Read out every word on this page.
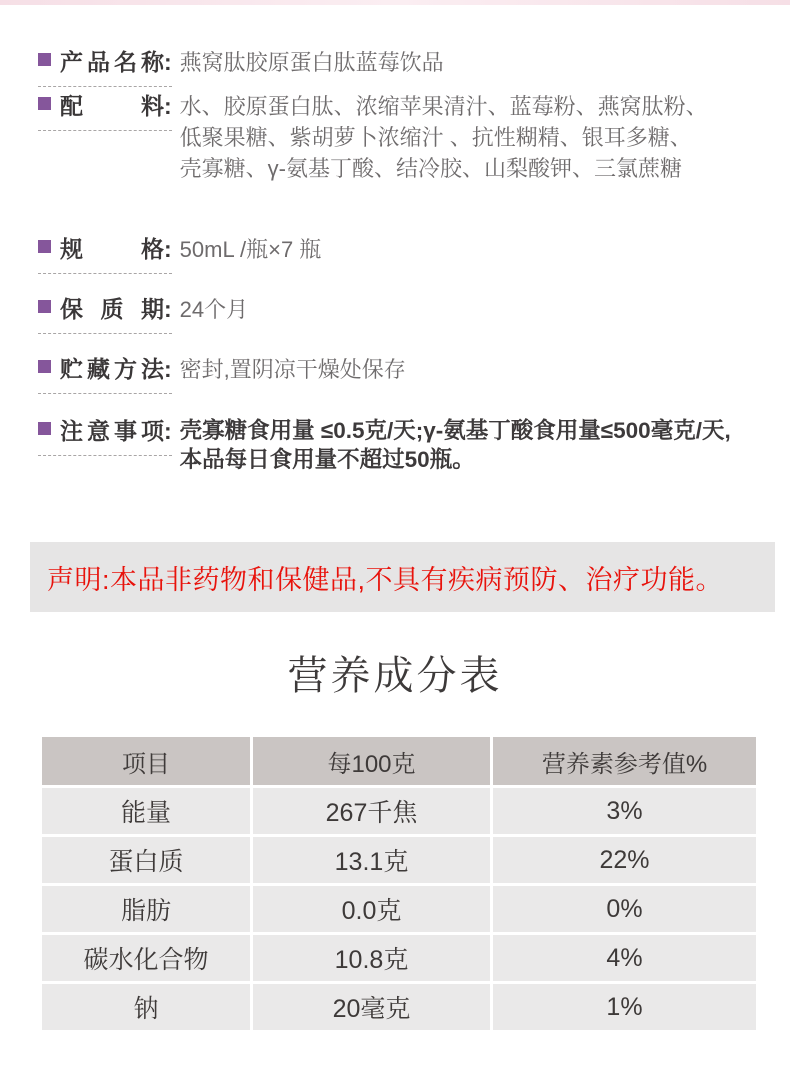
产品名称 : 燕窝肽胶原蛋白肽蓝莓饮品
配料 : 水、胶原蛋白肽、浓缩苹果清汁、蓝莓粉、燕窝肽粉、
低聚果糖、紫胡萝卜浓缩汁 、抗性糊精、银耳多糖、
壳寡糖、γ-氨基丁酸、结冷胶、山梨酸钾、三氯蔗糖
规格 : 50mL /瓶×7 瓶
保质期 : 24个月
贮藏方法 : 密封,置阴凉干燥处保存
注意事项 : 壳寡糖食用量 ≤0.5克/天;γ-氨基丁酸食用量≤500毫克/天,
本品每日食用量不超过50瓶。
声明:本品非药物和保健品,不具有疾病预防、治疗功能。
营养成分表
项目	每100克	营养素参考值%
能量	267千焦	3%
蛋白质	13.1克	22%
脂肪	0.0克	0%
碳水化合物	10.8克	4%
钠	20毫克	1%
